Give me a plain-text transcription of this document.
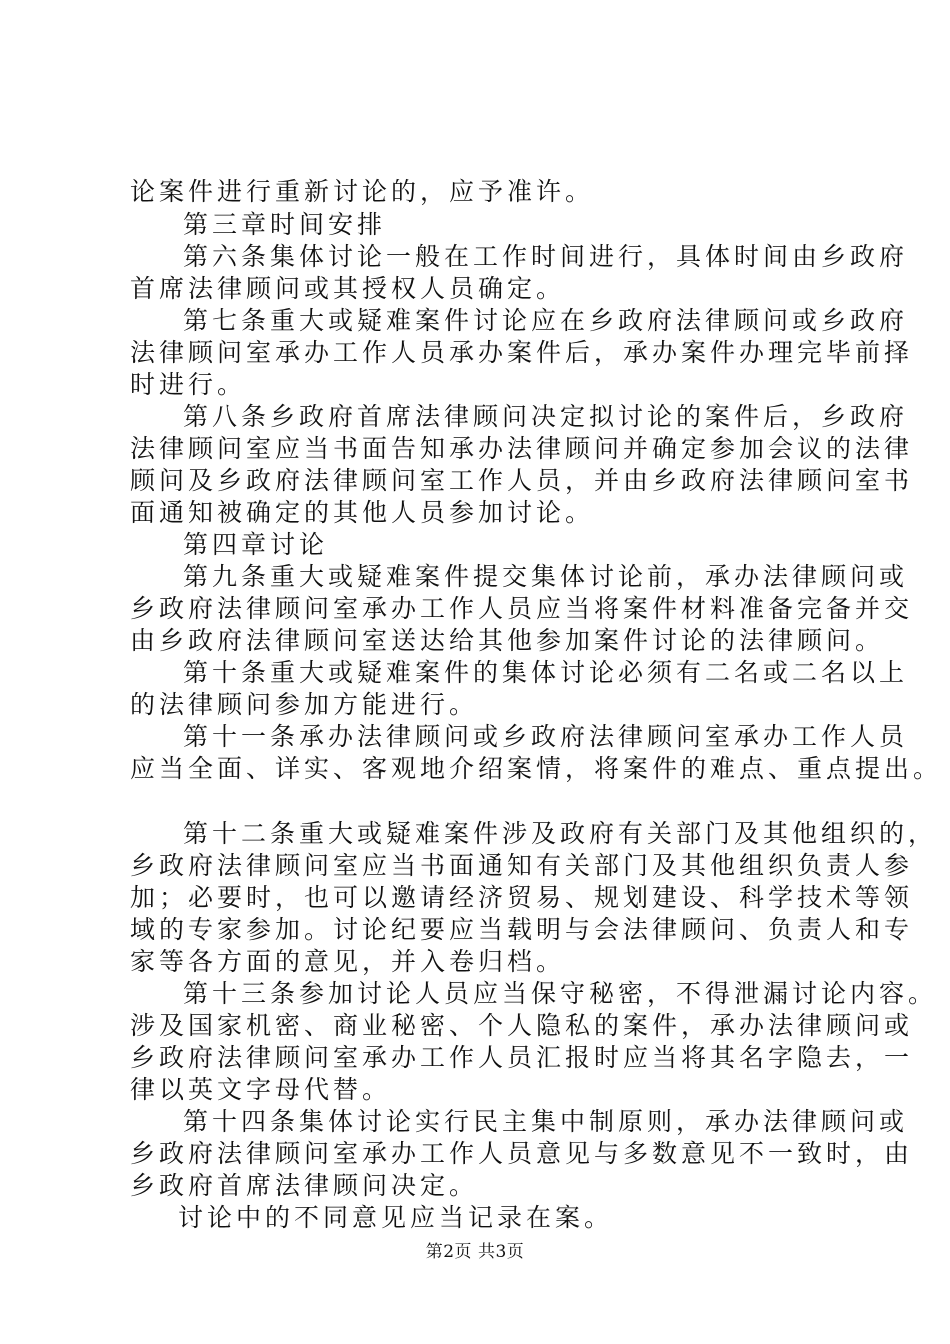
论案件进行重新讨论的，应予准许。
第三章时间安排
第六条集体讨论一般在工作时间进行，具体时间由乡政府
首席法律顾问或其授权人员确定。
第七条重大或疑难案件讨论应在乡政府法律顾问或乡政府
法律顾问室承办工作人员承办案件后，承办案件办理完毕前择
时进行。
第八条乡政府首席法律顾问决定拟讨论的案件后，乡政府
法律顾问室应当书面告知承办法律顾问并确定参加会议的法律
顾问及乡政府法律顾问室工作人员，并由乡政府法律顾问室书
面通知被确定的其他人员参加讨论。
第四章讨论
第九条重大或疑难案件提交集体讨论前，承办法律顾问或
乡政府法律顾问室承办工作人员应当将案件材料准备完备并交
由乡政府法律顾问室送达给其他参加案件讨论的法律顾问。
第十条重大或疑难案件的集体讨论必须有二名或二名以上
的法律顾问参加方能进行。
第十一条承办法律顾问或乡政府法律顾问室承办工作人员
应当全面、详实、客观地介绍案情，将案件的难点、重点提出。
第十二条重大或疑难案件涉及政府有关部门及其他组织的，
乡政府法律顾问室应当书面通知有关部门及其他组织负责人参
加；必要时，也可以邀请经济贸易、规划建设、科学技术等领
域的专家参加。讨论纪要应当载明与会法律顾问、负责人和专
家等各方面的意见，并入卷归档。
第十三条参加讨论人员应当保守秘密，不得泄漏讨论内容。
涉及国家机密、商业秘密、个人隐私的案件，承办法律顾问或
乡政府法律顾问室承办工作人员汇报时应当将其名字隐去，一
律以英文字母代替。
第十四条集体讨论实行民主集中制原则，承办法律顾问或
乡政府法律顾问室承办工作人员意见与多数意见不一致时，由
乡政府首席法律顾问决定。
讨论中的不同意见应当记录在案。
第2页 共3页
